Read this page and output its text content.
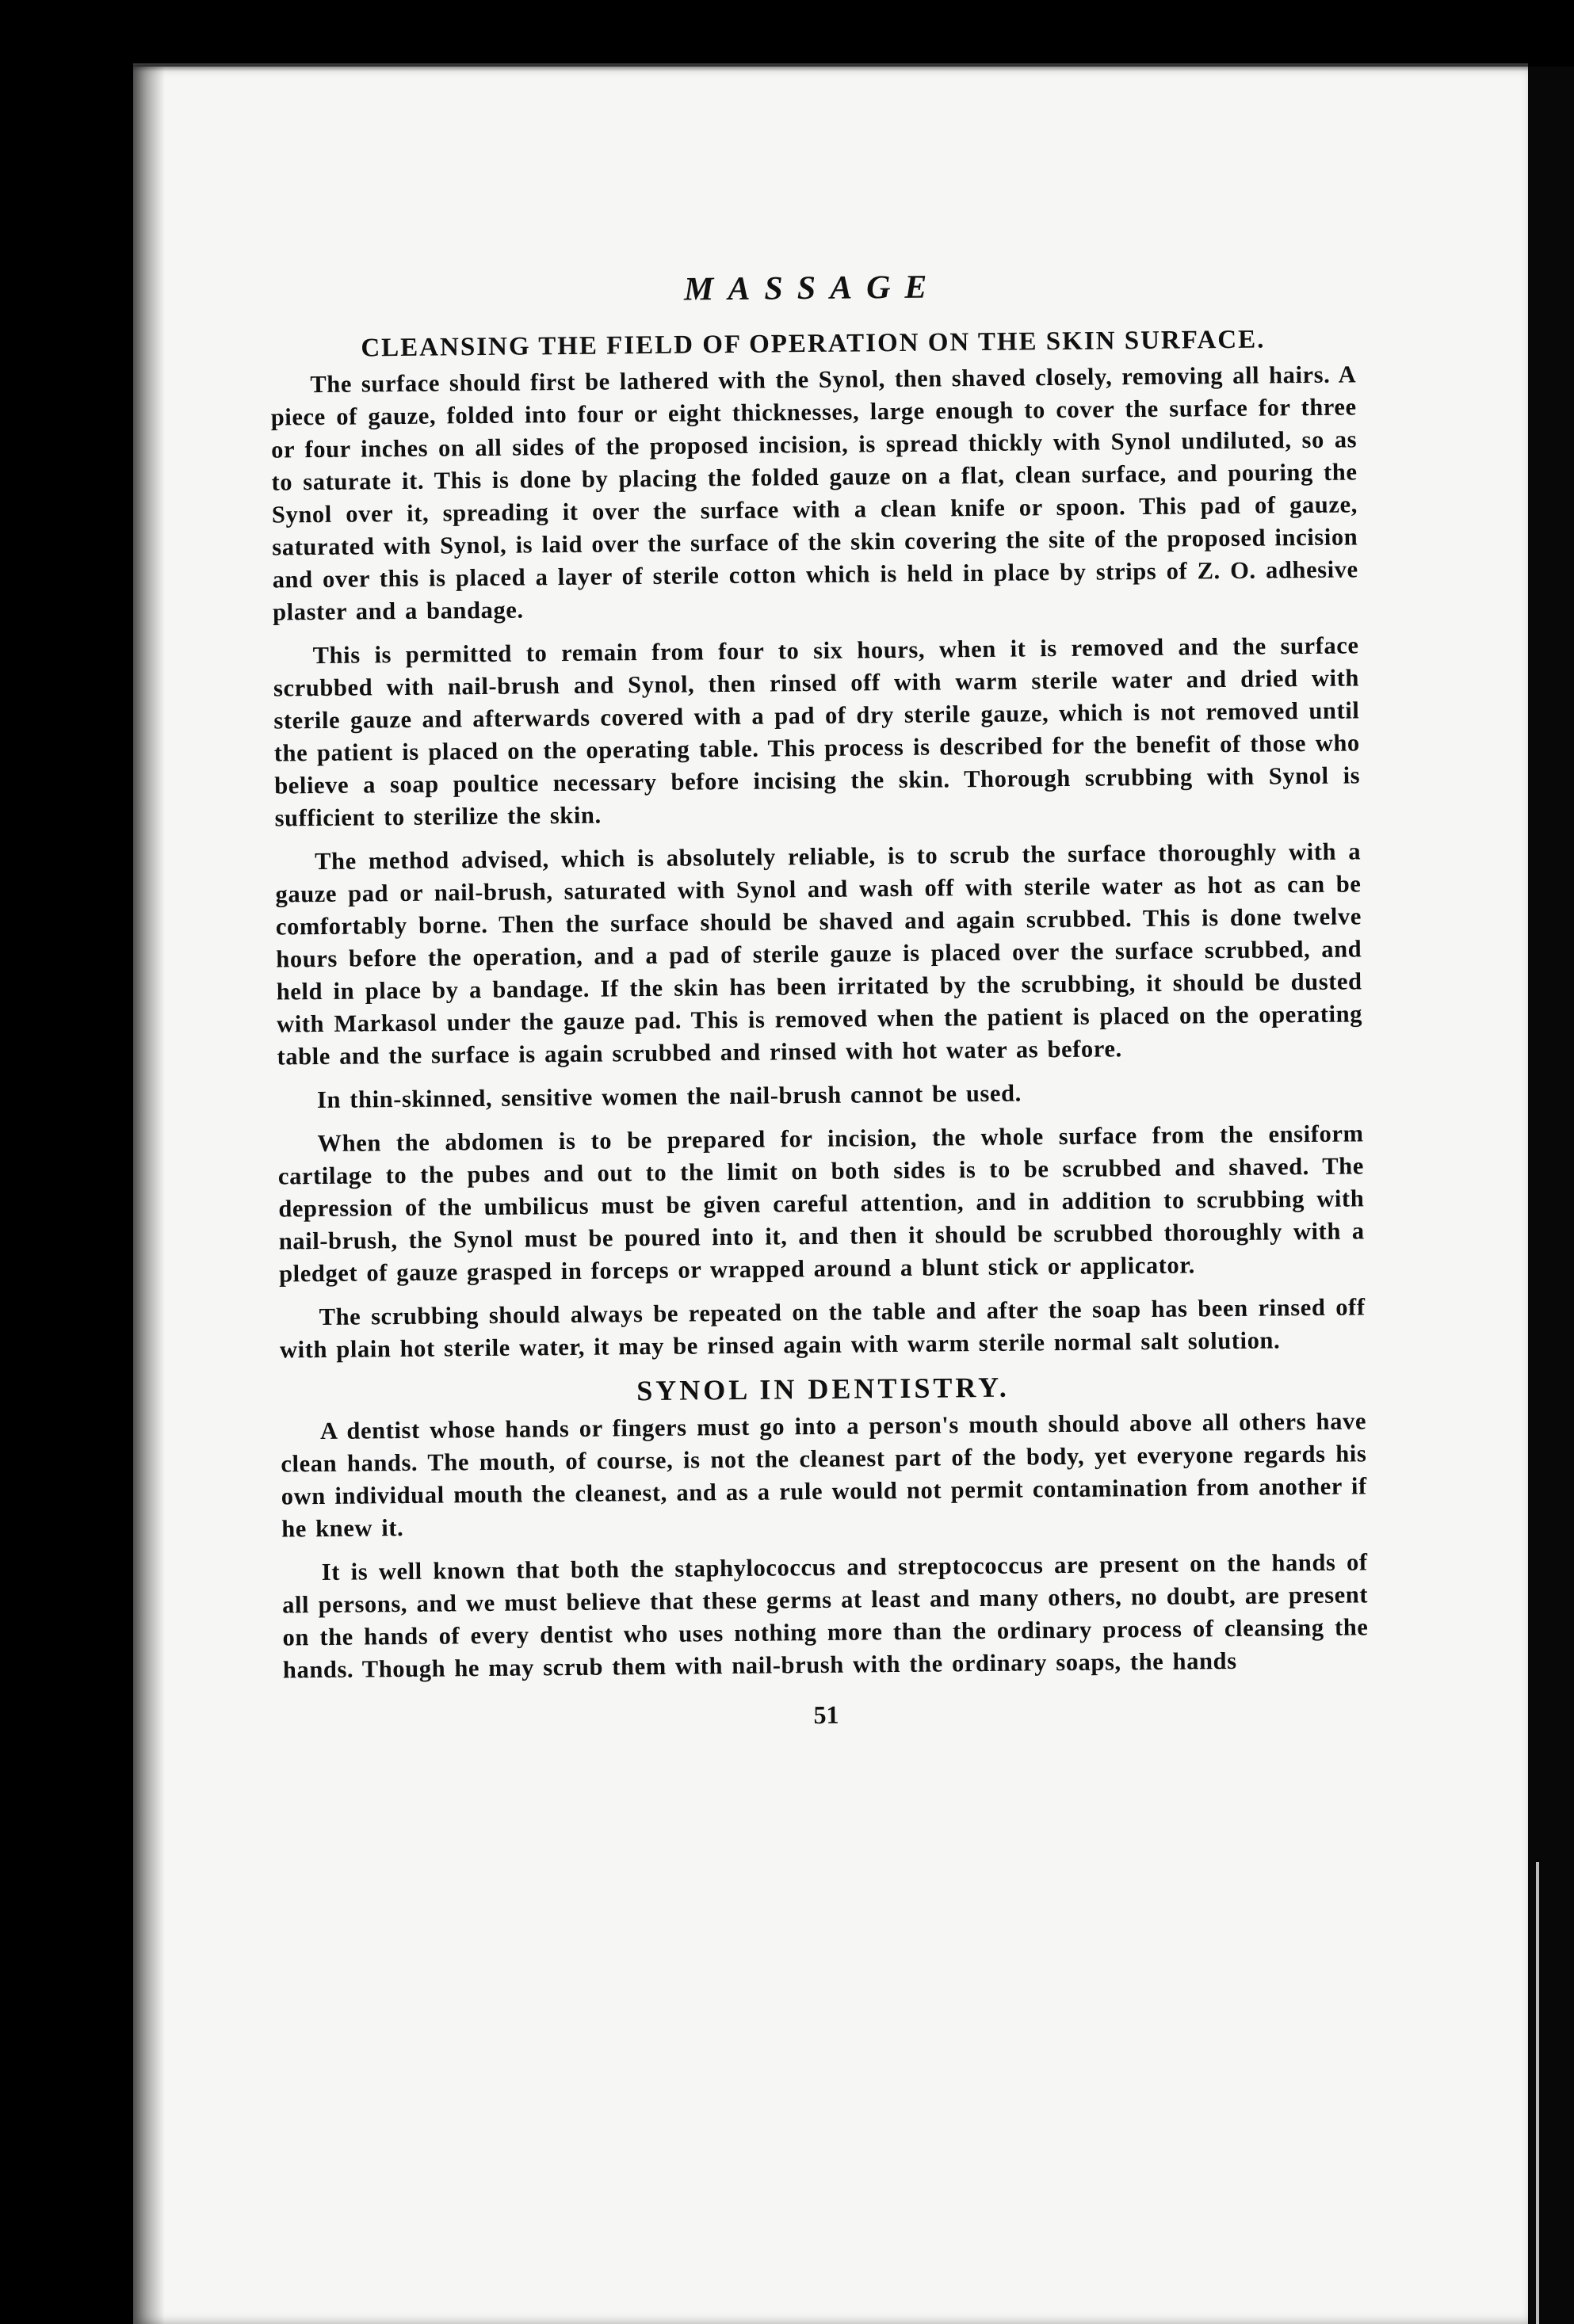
MASSAGE
CLEANSING THE FIELD OF OPERATION ON THE SKIN SURFACE.

The surface should first be lathered with the Synol, then shaved closely, removing all hairs. A piece of gauze, folded into four or eight thicknesses, large enough to cover the surface for three or four inches on all sides of the proposed incision, is spread thickly with Synol undiluted, so as to saturate it. This is done by placing the folded gauze on a flat, clean surface, and pouring the Synol over it, spreading it over the surface with a clean knife or spoon. This pad of gauze, saturated with Synol, is laid over the surface of the skin covering the site of the proposed incision and over this is placed a layer of sterile cotton which is held in place by strips of Z. O. adhesive plaster and a bandage.

This is permitted to remain from four to six hours, when it is removed and the surface scrubbed with nail-brush and Synol, then rinsed off with warm sterile water and dried with sterile gauze and afterwards covered with a pad of dry sterile gauze, which is not removed until the patient is placed on the operating table. This process is described for the benefit of those who believe a soap poultice necessary before incising the skin. Thorough scrubbing with Synol is sufficient to sterilize the skin.

The method advised, which is absolutely reliable, is to scrub the surface thoroughly with a gauze pad or nail-brush, saturated with Synol and wash off with sterile water as hot as can be comfortably borne. Then the surface should be shaved and again scrubbed. This is done twelve hours before the operation, and a pad of sterile gauze is placed over the surface scrubbed, and held in place by a bandage. If the skin has been irritated by the scrubbing, it should be dusted with Markasol under the gauze pad. This is removed when the patient is placed on the operating table and the surface is again scrubbed and rinsed with hot water as before.

In thin-skinned, sensitive women the nail-brush cannot be used.

When the abdomen is to be prepared for incision, the whole surface from the ensiform cartilage to the pubes and out to the limit on both sides is to be scrubbed and shaved. The depression of the umbilicus must be given careful attention, and in addition to scrubbing with nail-brush, the Synol must be poured into it, and then it should be scrubbed thoroughly with a pledget of gauze grasped in forceps or wrapped around a blunt stick or applicator.

The scrubbing should always be repeated on the table and after the soap has been rinsed off with plain hot sterile water, it may be rinsed again with warm sterile normal salt solution.

SYNOL IN DENTISTRY.

A dentist whose hands or fingers must go into a person's mouth should above all others have clean hands. The mouth, of course, is not the cleanest part of the body, yet everyone regards his own individual mouth the cleanest, and as a rule would not permit contamination from another if he knew it.

It is well known that both the staphylococcus and streptococcus are present on the hands of all persons, and we must believe that these germs at least and many others, no doubt, are present on the hands of every dentist who uses nothing more than the ordinary process of cleansing the hands. Though he may scrub them with nail-brush with the ordinary soaps, the hands

51
